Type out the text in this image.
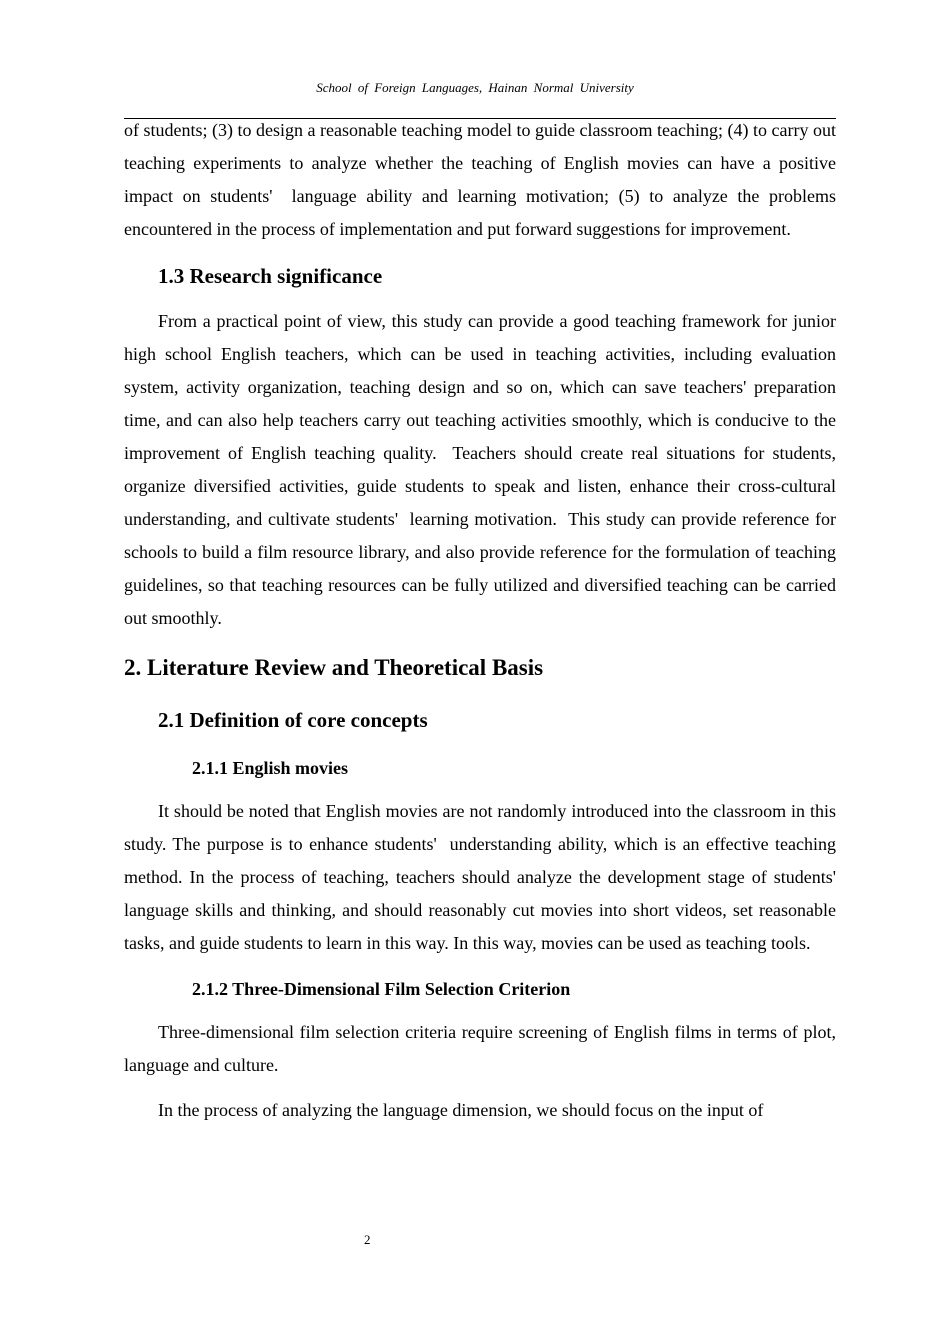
School of Foreign Languages, Hainan Normal University

of students; (3) to design a reasonable teaching model to guide classroom teaching; (4) to carry out teaching experiments to analyze whether the teaching of English movies can have a positive impact on students'  language ability and learning motivation; (5) to analyze the problems encountered in the process of implementation and put forward suggestions for improvement.

1.3 Research significance

From a practical point of view, this study can provide a good teaching framework for junior high school English teachers, which can be used in teaching activities, including evaluation system, activity organization, teaching design and so on, which can save teachers' preparation time, and can also help teachers carry out teaching activities smoothly, which is conducive to the improvement of English teaching quality.  Teachers should create real situations for students, organize diversified activities, guide students to speak and listen, enhance their cross-cultural understanding, and cultivate students'  learning motivation.  This study can provide reference for schools to build a film resource library, and also provide reference for the formulation of teaching guidelines, so that teaching resources can be fully utilized and diversified teaching can be carried out smoothly.

2. Literature Review and Theoretical Basis
2.1 Definition of core concepts
2.1.1 English movies

It should be noted that English movies are not randomly introduced into the classroom in this study. The purpose is to enhance students'  understanding ability, which is an effective teaching method. In the process of teaching, teachers should analyze the development stage of students'  language skills and thinking, and should reasonably cut movies into short videos, set reasonable tasks, and guide students to learn in this way. In this way, movies can be used as teaching tools.

2.1.2 Three-Dimensional Film Selection Criterion

Three-dimensional film selection criteria require screening of English films in terms of plot, language and culture.

In the process of analyzing the language dimension, we should focus on the input of

2
